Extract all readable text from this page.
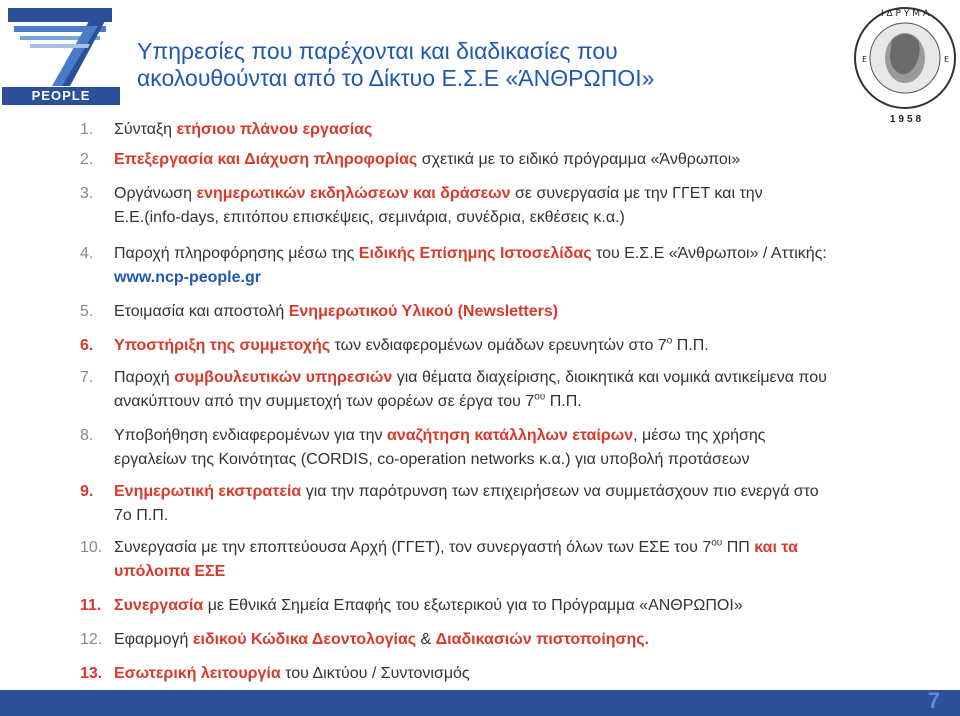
PEOPLE
Ι Δ Ρ Υ Μ Α
Ε	Ε
1958
Υπηρεσίες που παρέχονται και διαδικασίες που
ακολουθούνται από το Δίκτυο Ε.Σ.Ε «ΆΝΘΡΩΠΟΙ»
1.	Σύνταξη ετήσιου πλάνου εργασίας
2.	Επεξεργασία και Διάχυση πληροφορίας σχετικά με το ειδικό πρόγραμμα «Άνθρωποι»
3.	Οργάνωση ενημερωτικών εκδηλώσεων και δράσεων σε συνεργασία με την ΓΓΕΤ και την
Ε.Ε.(info-days, επιτόπου επισκέψεις, σεμινάρια, συνέδρια, εκθέσεις κ.α.)
4.	Παροχή πληροφόρησης μέσω της Ειδικής Επίσημης Ιστοσελίδας του Ε.Σ.Ε «Άνθρωποι» / Αττικής:
www.ncp-people.gr
5.	Ετοιμασία και αποστολή Ενημερωτικού Υλικού (Newsletters)
6.	Υποστήριξη της συμμετοχής των ενδιαφερομένων ομάδων ερευνητών στο $7^o$ Π.Π.
7.	Παροχή συμβουλευτικών υπηρεσιών για θέματα διαχείρισης, διοικητικά και νομικά αντικείμενα που
ανακύπτουν από την συμμετοχή των φορέων σε έργα του $7^{o\upsilon}$ Π.Π.
8.	Υποβοήθηση ενδιαφερομένων για την αναζήτηση κατάλληλων εταίρων, μέσω της χρήσης
εργαλείων της Κοινότητας (CORDIS, co-operation networks κ.α.) για υποβολή προτάσεων
9.	Ενημερωτική εκστρατεία για την παρότρυνση των επιχειρήσεων να συμμετάσχουν πιο ενεργά στο
7ο Π.Π.
10. Συνεργασία με την εποπτεύουσα Αρχή (ΓΓΕΤ), τον συνεργαστή όλων των ΕΣΕ του $7^{o\upsilon}$ ΠΠ και τα
υπόλοιπα ΕΣΕ
11. Συνεργασία με Εθνικά Σημεία Επαφής του εξωτερικού για το Πρόγραμμα «ΑΝΘΡΩΠΟΙ»
12. Εφαρμογή ειδικού Κώδικα Δεοντολογίας & Διαδικασιών πιστοποίησης.
13. Εσωτερική λειτουργία του Δικτύου / Συντονισμός
7
